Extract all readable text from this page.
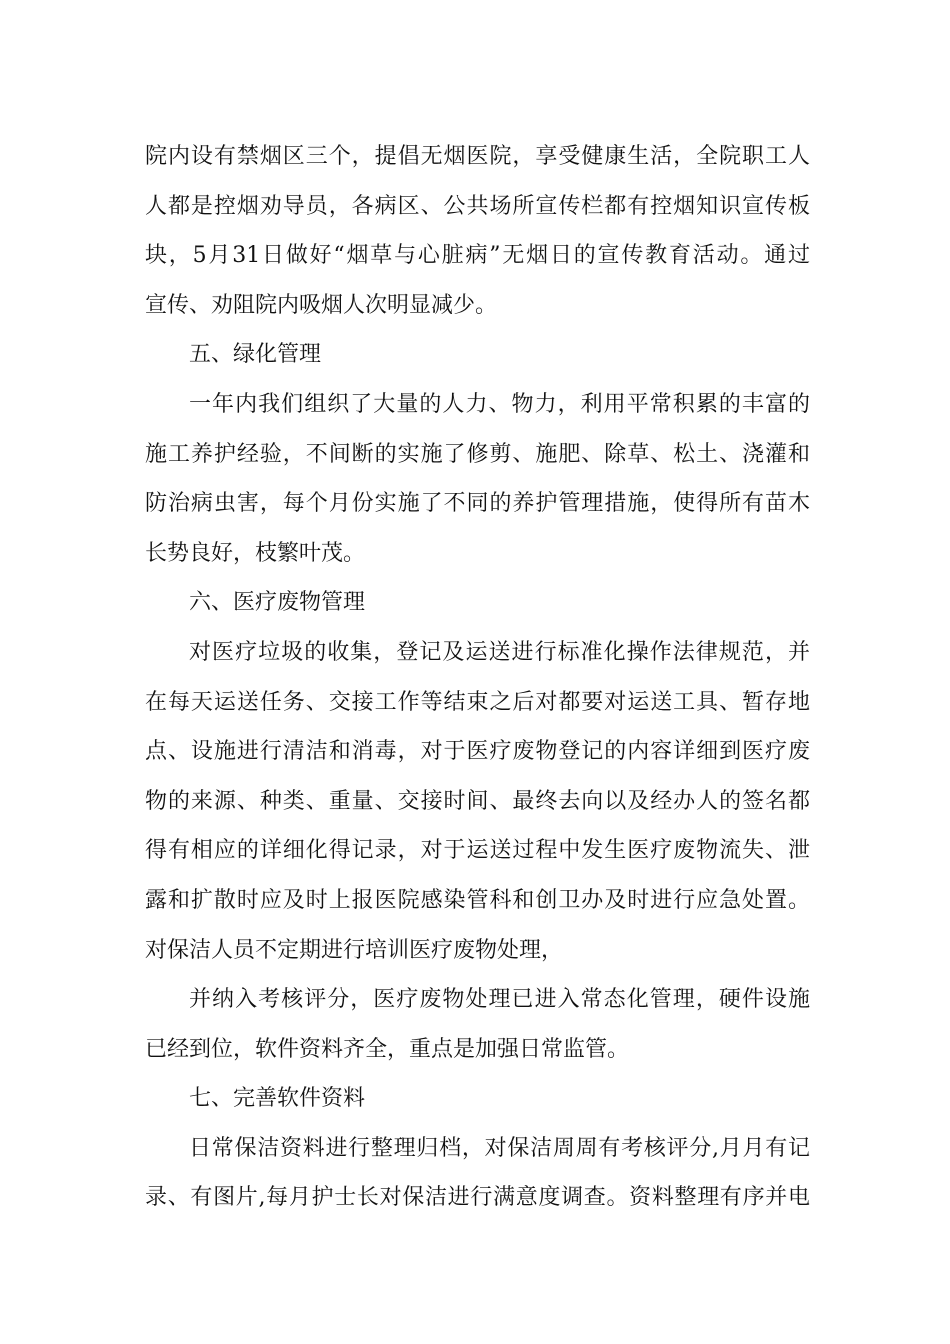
院内设有禁烟区三个，提倡无烟医院，享受健康生活，全院职工人
人都是控烟劝导员，各病区、公共场所宣传栏都有控烟知识宣传板
块，5月31日做好“烟草与心脏病”无烟日的宣传教育活动。通过
宣传、劝阻院内吸烟人次明显减少。
五、绿化管理
一年内我们组织了大量的人力、物力，利用平常积累的丰富的
施工养护经验，不间断的实施了修剪、施肥、除草、松土、浇灌和
防治病虫害，每个月份实施了不同的养护管理措施，使得所有苗木
长势良好，枝繁叶茂。
六、医疗废物管理
对医疗垃圾的收集，登记及运送进行标准化操作法律规范，并
在每天运送任务、交接工作等结束之后对都要对运送工具、暂存地
点、设施进行清洁和消毒，对于医疗废物登记的内容详细到医疗废
物的来源、种类、重量、交接时间、最终去向以及经办人的签名都
得有相应的详细化得记录，对于运送过程中发生医疗废物流失、泄
露和扩散时应及时上报医院感染管科和创卫办及时进行应急处置。
对保洁人员不定期进行培训医疗废物处理，
并纳入考核评分，医疗废物处理已进入常态化管理，硬件设施
已经到位，软件资料齐全，重点是加强日常监管。
七、完善软件资料
日常保洁资料进行整理归档，对保洁周周有考核评分,月月有记
录、有图片,每月护士长对保洁进行满意度调查。资料整理有序并电
